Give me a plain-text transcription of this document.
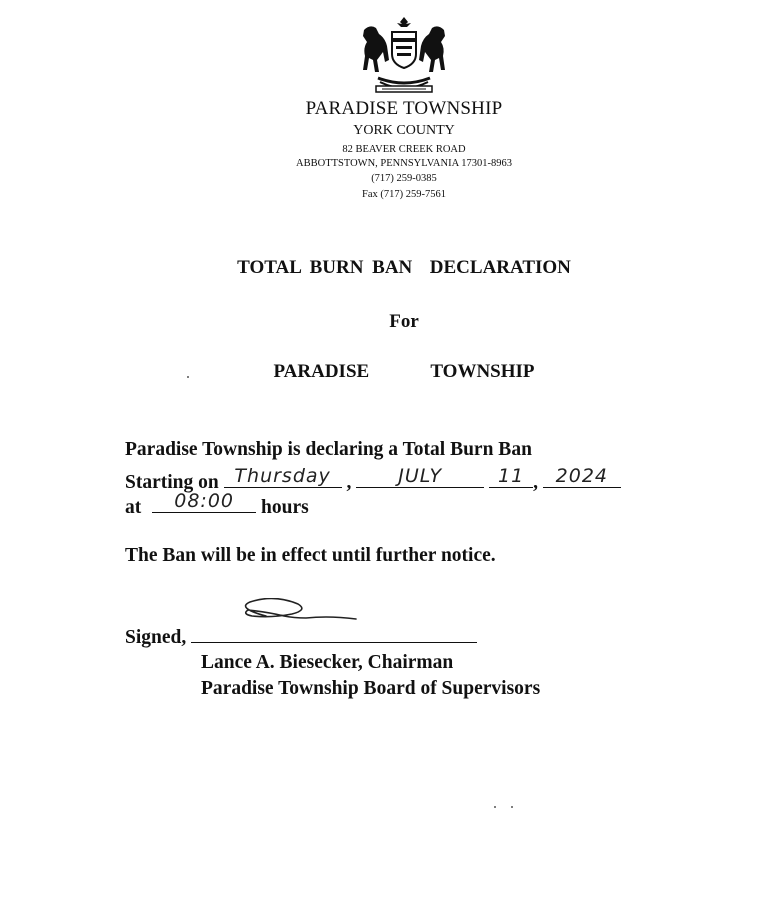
PARADISE TOWNSHIP
YORK COUNTY
82 BEAVER CREEK ROAD
ABBOTTSTOWN, PENNSYLVANIA 17301-8963
(717) 259-0385
Fax (717) 259-7561
TOTAL BURN BAN  DECLARATION
For
PARADISE  TOWNSHIP
Paradise Township is declaring a Total Burn Ban
Starting on Thursday ,	JULY
	11 , 2024
at	08:00	hours
The Ban will be in effect until further notice.
Signed,
Lance A. Biesecker, Chairman
Paradise Township Board of Supervisors
